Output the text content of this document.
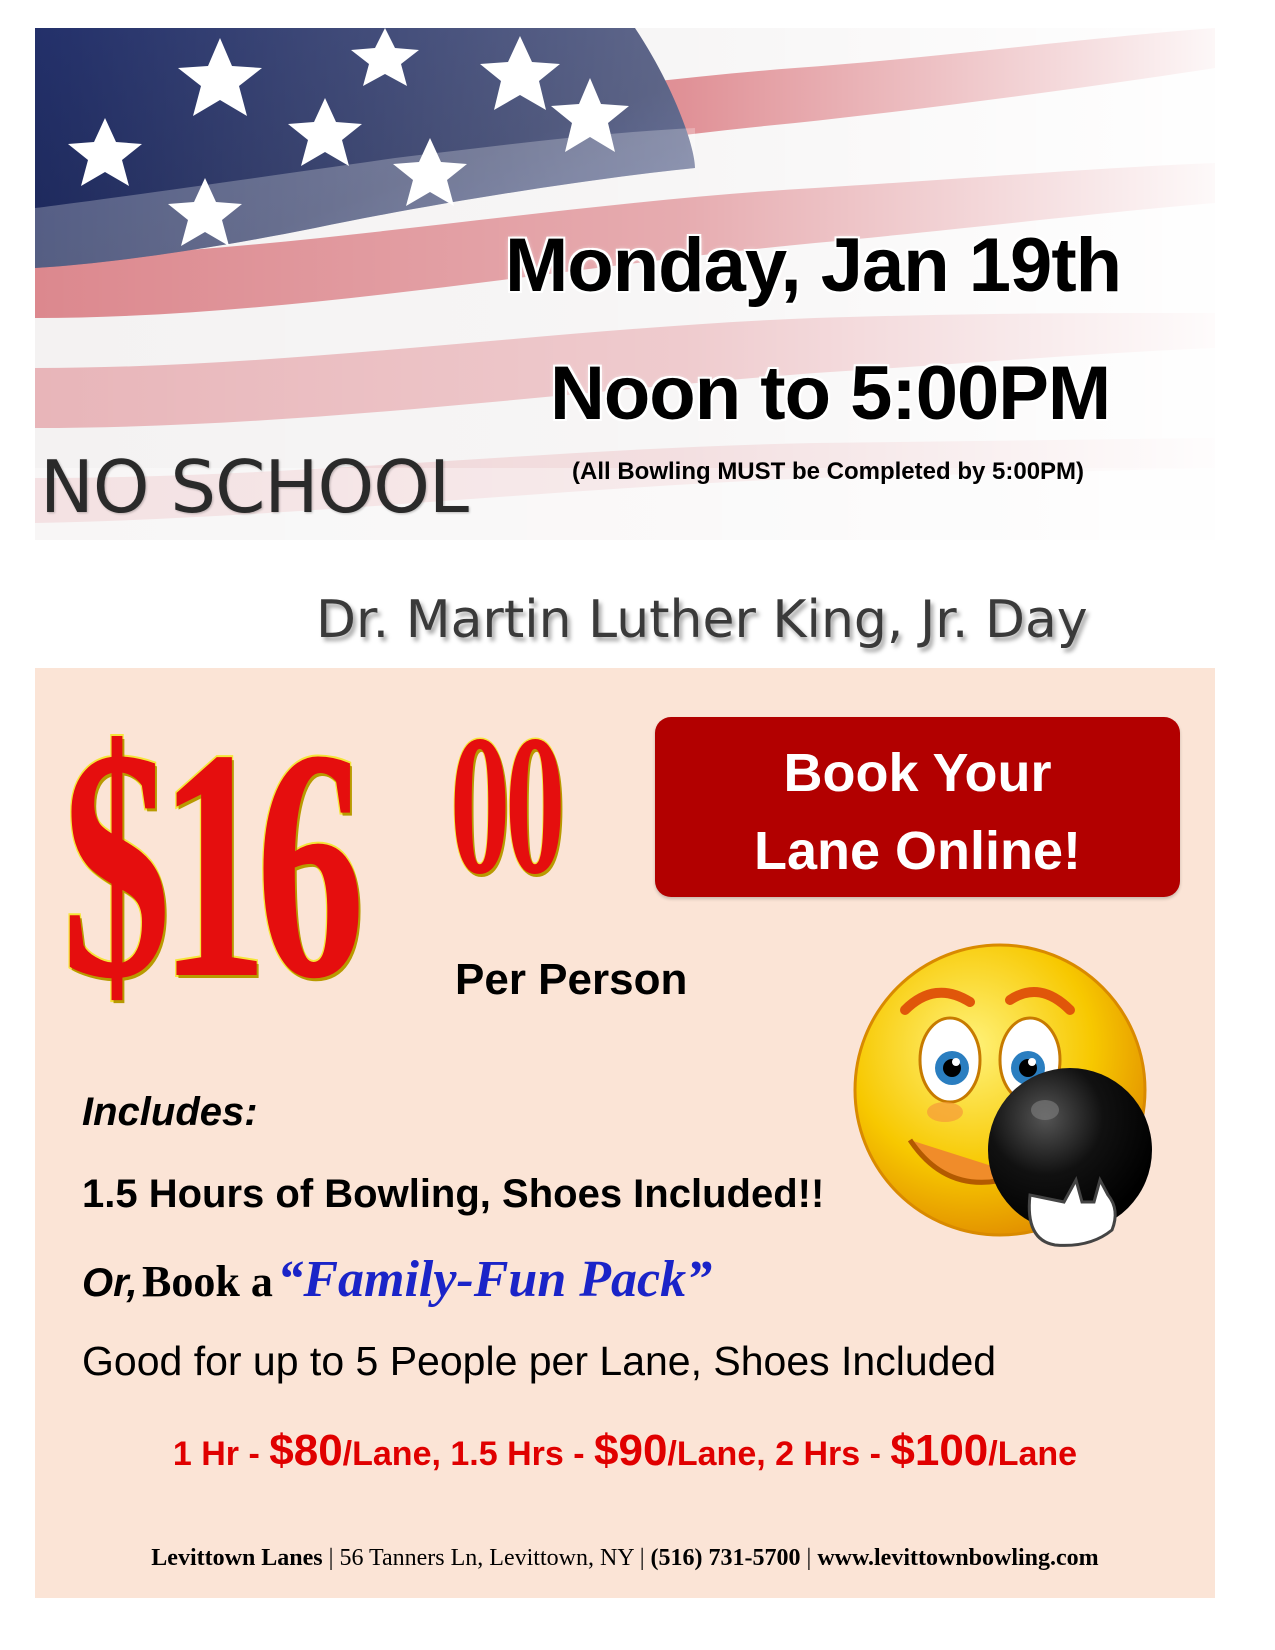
Monday, Jan 19th
Noon to 5:00PM
NO SCHOOL	(All Bowling MUST be Completed by 5:00PM)
Dr. Martin Luther King, Jr. Day
$16 00
Per Person
Book Your
Lane Online!
Includes:
1.5 Hours of Bowling, Shoes Included!!
Or, Book a “Family-Fun Pack”
Good for up to 5 People per Lane, Shoes Included
1 Hr - $80/Lane, 1.5 Hrs - $90/Lane, 2 Hrs - $100/Lane
Levittown Lanes | 56 Tanners Ln, Levittown, NY | (516) 731-5700 | www.levittownbowling.com
